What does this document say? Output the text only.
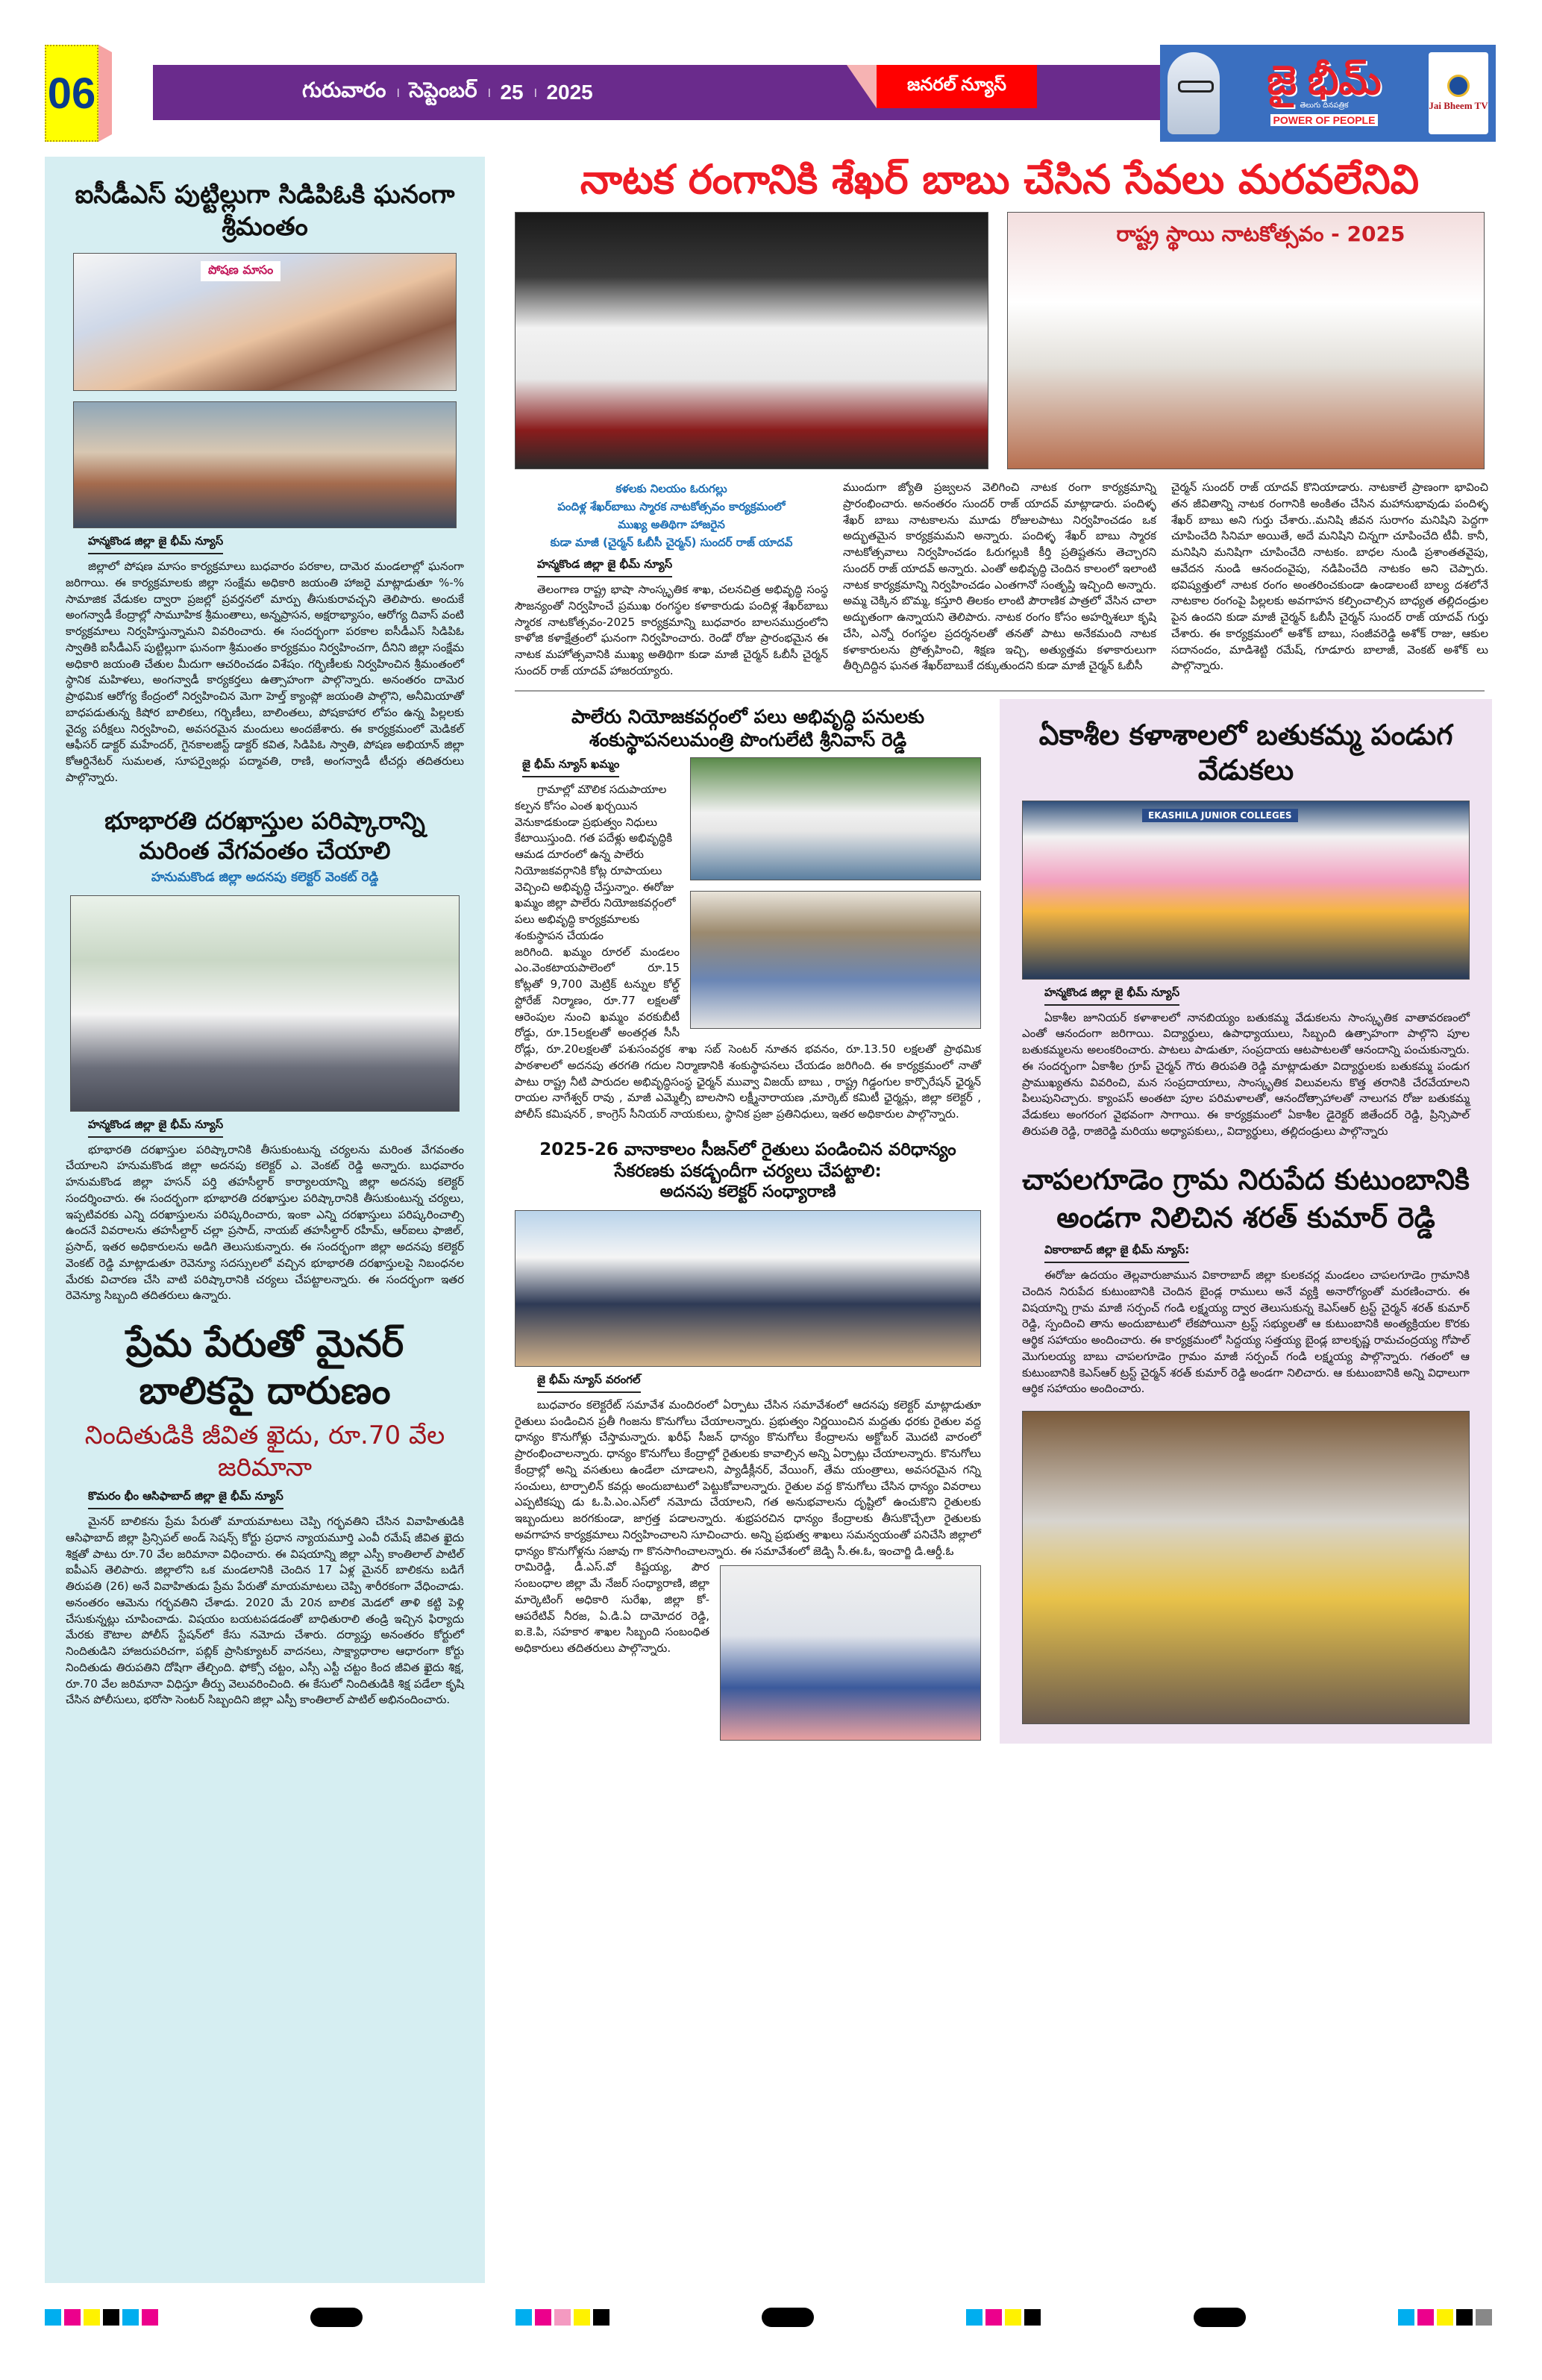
06	గురువారం । సెప్టెంబర్ । 25 । 2025	జనరల్ న్యూస్	జై భీమ్
తెలుగు దినపత్రిక
POWER OF PEOPLE
Jai Bheem TV
ఐసీడీఎస్ పుట్టిల్లుగా సిడిపిఓకి ఘనంగా శ్రీమంతం
పోషణ మాసం
హన్మకొండ జిల్లా జై భీమ్ న్యూస్
జిల్లాలో పోషణ మాసం కార్యక్రమాలు బుధవారం పరకాల, దామెర మండలాల్లో ఘనంగా జరిగాయి. ఈ కార్యక్రమాలకు జిల్లా సంక్షేమ అధికారి జయంతి హాజరై మాట్లాడుతూ %-% సామాజిక వేడుకల ద్వారా ప్రజల్లో ప్రవర్తనలో మార్పు తీసుకురావచ్చని తెలిపారు. అందుకే అంగన్వాడీ కేంద్రాల్లో సామూహిక శ్రీమంతాలు, అన్నప్రాసన, అక్షరాభ్యాసం, ఆరోగ్య దివాస్ వంటి కార్యక్రమాలు నిర్వహిస్తున్నామని వివరించారు. ఈ సందర్భంగా పరకాల ఐసీడీఎస్ సిడిపిఓ స్వాతికి ఐసీడీఎస్ పుట్టిల్లుగా ఘనంగా శ్రీమంతం కార్యక్రమం నిర్వహించగా, దీనిని జిల్లా సంక్షేమ అధికారి జయంతి చేతుల మీదుగా ఆచరించడం విశేషం. గర్భిణీలకు నిర్వహించిన శ్రీమంతంలో స్థానిక మహిళలు, అంగన్వాడీ కార్యకర్తలు ఉత్సాహంగా పాల్గొన్నారు. అనంతరం దామెర ప్రాథమిక ఆరోగ్య కేంద్రంలో నిర్వహించిన మెగా హెల్త్ క్యాంప్లో జయంతి పాల్గొని, అనీమియాతో బాధపడుతున్న కిషోర బాలికలు, గర్భిణీలు, బాలింతలు, పోషకాహార లోపం ఉన్న పిల్లలకు వైద్య పరీక్షలు నిర్వహించి, అవసరమైన మందులు అందజేశారు. ఈ కార్యక్రమంలో మెడికల్ ఆఫీసర్ డాక్టర్ మహేందర్, గైనకాలజిస్ట్ డాక్టర్ కవిత, సిడిపిఓ స్వాతి, పోషణ అభియాన్ జిల్లా కోఆర్డినేటర్ సుమలత, సూపర్వైజర్లు పద్మావతి, రాణి, అంగన్వాడీ టీచర్లు తదితరులు పాల్గొన్నారు.
భూభారతి దరఖాస్తుల పరిష్కారాన్ని మరింత వేగవంతం చేయాలి
హనుమకొండ జిల్లా అదనపు కలెక్టర్ వెంకట్ రెడ్డి
హన్మకొండ జిల్లా జై భీమ్ న్యూస్
భూభారతి దరఖాస్తుల పరిష్కారానికి తీసుకుంటున్న చర్యలను మరింత వేగవంతం చేయాలని హనుమకొండ జిల్లా అదనపు కలెక్టర్ ఎ. వెంకట్ రెడ్డి అన్నారు. బుధవారం హనుమకొండ జిల్లా హసన్ పర్తి తహసీల్దార్ కార్యాలయాన్ని జిల్లా అదనపు కలెక్టర్ సందర్శించారు. ఈ సందర్భంగా భూభారతి దరఖాస్తుల పరిష్కారానికి తీసుకుంటున్న చర్యలు, ఇప్పటివరకు ఎన్ని దరఖాస్తులను పరిష్కరించారు, ఇంకా ఎన్ని దరఖాస్తులు పరిష్కరించాల్సి ఉందనే వివరాలను తహసీల్దార్ చల్లా ప్రసాద్, నాయబ్ తహసీల్దార్ రహీమ్, ఆర్ఐలు ఫాజిల్, ప్రసాద్, ఇతర అధికారులను అడిగి తెలుసుకున్నారు. ఈ సందర్భంగా జిల్లా అదనపు కలెక్టర్ వెంకట్ రెడ్డి మాట్లాడుతూ రెవెన్యూ సదస్సులలో వచ్చిన భూభారతి దరఖాస్తులపై నిబంధనల మేరకు విచారణ చేసి వాటి పరిష్కారానికి చర్యలు చేపట్టాలన్నారు. ఈ సందర్భంగా ఇతర రెవెన్యూ సిబ్బంది తదితరులు ఉన్నారు.
ప్రేమ పేరుతో మైనర్ బాలికపై దారుణం
నిందితుడికి జీవిత ఖైదు, రూ.70 వేల జరిమానా
కొమరం భీం ఆసిఫాబాద్ జిల్లా జై భీమ్ న్యూస్
మైనర్ బాలికను ప్రేమ పేరుతో మాయమాటలు చెప్పి గర్భవతిని చేసిన వివాహితుడికి ఆసిఫాబాద్ జిల్లా ప్రిన్సిపల్ అండ్ సెషన్స్ కోర్టు ప్రధాన న్యాయమూర్తి ఎంవీ రమేష్ జీవిత ఖైదు శిక్షతో పాటు రూ.70 వేల జరిమానా విధించారు. ఈ విషయాన్ని జిల్లా ఎస్పీ కాంతిలాల్ పాటిల్ ఐపీఎస్ తెలిపారు. జిల్లాలోని ఒక మండలానికి చెందిన 17 ఏళ్ల మైనర్ బాలికను బడిగే తిరుపతి (26) అనే వివాహితుడు ప్రేమ పేరుతో మాయమాటలు చెప్పి శారీరకంగా వేధించాడు. అనంతరం ఆమెను గర్భవతిని చేశాడు. 2020 మే 20న బాలిక మెడలో తాళి కట్టి పెళ్లి చేసుకున్నట్లు చూపించాడు. విషయం బయటపడడంతో బాధితురాలి తండ్రి ఇచ్చిన ఫిర్యాదు మేరకు కౌటాల పోలీస్ స్టేషన్‌లో కేసు నమోదు చేశారు. దర్యాప్తు అనంతరం కోర్టులో నిందితుడిని హాజరుపరిచగా, పబ్లిక్ ప్రాసిక్యూటర్ వాదనలు, సాక్ష్యాధారాల ఆధారంగా కోర్టు నిందితుడు తిరుపతిని దోషిగా తేల్చింది. ఫోక్సో చట్టం, ఎస్సీ ఎస్టీ చట్టం కింద జీవిత ఖైదు శిక్ష, రూ.70 వేల జరిమానా విధిస్తూ తీర్పు వెలువరించింది. ఈ కేసులో నిందితుడికి శిక్ష పడేలా కృషి చేసిన పోలీసులు, భరోసా సెంటర్ సిబ్బందిని జిల్లా ఎస్పీ కాంతిలాల్ పాటిల్ అభినందించారు.
నాటక రంగానికి శేఖర్ బాబు చేసిన సేవలు మరవలేనివి
రాష్ట్ర స్థాయి నాటకోత్సవం - 2025
కళలకు నిలయం ఓరుగల్లు
పందిళ్ల శేఖర్‌బాబు స్మారక నాటకోత్సవం కార్యక్రమంలో
ముఖ్య అతిథిగా హాజరైన
కుడా మాజీ (చైర్మన్ ఓబీసీ చైర్మన్) సుందర్ రాజ్ యాదవ్
హన్మకొండ జిల్లా జై భీమ్ న్యూస్
తెలంగాణ రాష్ట్ర భాషా సాంస్కృతిక శాఖ, చలనచిత్ర అభివృద్ధి సంస్థ సౌజన్యంతో నిర్వహించే ప్రముఖ రంగస్థల కళాకారుడు పందిళ్ల శేఖర్‌బాబు స్మారక నాటకోత్సవం-2025 కార్యక్రమాన్ని బుధవారం బాలసముద్రంలోని కాళోజి కళాక్షేత్రంలో ఘనంగా నిర్వహించారు. రెండో రోజు ప్రారంభమైన ఈ నాటక మహోత్సవానికి ముఖ్య అతిథిగా కుడా మాజీ చైర్మన్ ఓబీసీ చైర్మన్ సుందర్ రాజ్ యాదవ్ హాజరయ్యారు.
ముందుగా జ్యోతి ప్రజ్వలన వెలిగించి నాటక రంగా కార్యక్రమాన్ని ప్రారంభించారు. అనంతరం సుందర్ రాజ్ యాదవ్ మాట్లాడారు. పందిళ్ళ శేఖర్ బాబు నాటకాలను మూడు రోజులపాటు నిర్వహించడం ఒక అద్భుతమైన కార్యక్రమమని అన్నారు. పందిళ్ళ శేఖర్ బాబు స్మారక నాటకోత్సవాలు నిర్వహించడం ఓరుగల్లుకి కీర్తి ప్రతిష్టతను తెచ్చారని సుందర్ రాజ్ యాదవ్ అన్నారు. ఎంతో అభివృద్ధి చెందిన కాలంలో ఇలాంటి నాటక కార్యక్రమాన్ని నిర్వహించడం ఎంతగానో సంతృప్తి ఇచ్చింది అన్నారు. అమ్మ చెక్కిన బొమ్మ, కస్తూరి తిలకం లాంటి పౌరాణిక పాత్రలో వేసిన చాలా అద్భుతంగా ఉన్నాయని తెలిపారు. నాటక రంగం కోసం అహర్నిశలూ కృషి చేసి, ఎన్నో రంగస్థల ప్రదర్శనలతో తనతో పాటు అనేకమంది నాటక కళాకారులను ప్రోత్సహించి, శిక్షణ ఇచ్చి, అత్యుత్తమ కళాకారులుగా తీర్చిదిద్దిన ఘనత శేఖర్‌బాబుకే దక్కుతుందని కుడా మాజీ చైర్మన్ ఓబీసీ
చైర్మన్ సుందర్ రాజ్ యాదవ్ కొనియాడారు. నాటకాలే ప్రాణంగా భావించి తన జీవితాన్ని నాటక రంగానికి అంకితం చేసిన మహానుభావుడు పందిళ్ళ శేఖర్ బాబు అని గుర్తు చేశారు..మనిషి జీవన సురాగం మనిషిని పెద్దగా చూపించేది సినిమా అయితే, అదే మనిషిని చిన్నగా చూపించేది టీవీ. కానీ, మనిషిని మనిషిగా చూపించేది నాటకం. బాధల నుండి ప్రశాంతతవైపు, ఆవేదన నుండి ఆనందంవైపు, నడిపించేది నాటకం అని చెప్పారు. భవిష్యత్తులో నాటక రంగం అంతరించకుండా ఉండాలంటే బాల్య దశలోనే నాటకాల రంగంపై పిల్లలకు అవగాహన కల్పించాల్సిన బాధ్యత తల్లిదండ్రుల పైన ఉందని కుడా మాజీ చైర్మన్ ఓబీసీ చైర్మన్ సుందర్ రాజ్ యాదవ్ గుర్తు చేశారు. ఈ కార్యక్రమంలో అశోక్ బాబు, సంజీవరెడ్డి అశోక్ రాజు, ఆకుల సదానందం, మాడిశెట్టి రమేష్, గూడూరు బాలాజీ, వెంకట్ అశోక్ లు పాల్గొన్నారు.
పాలేరు నియోజకవర్గంలో పలు అభివృద్ధి పనులకు శంకుస్థాపనలుమంత్రి పొంగులేటి శ్రీనివాస్ రెడ్డి
జై భీమ్ న్యూస్ ఖమ్మం
గ్రామాల్లో మౌలిక సదుపాయాల కల్పన కోసం ఎంత ఖర్చయిన వెనుకాడకుండా ప్రభుత్వం నిధులు కేటాయిస్తుంది. గత పదేళ్లు అభివృద్ధికి ఆమడ దూరంలో ఉన్న పాలేరు నియోజకవర్గానికి కోట్ల రూపాయలు వెచ్చించి అభివృద్ధి చేస్తున్నాం. ఈరోజు ఖమ్మం జిల్లా పాలేరు నియోజకవర్గంలో పలు అభివృద్ధి కార్యక్రమాలకు శంకుస్థాపన చేయడం
జరిగింది. ఖమ్మం రూరల్ మండలం ఎం.వెంకటాయపాలెంలో రూ.15 కోట్లతో 9,700 మెట్రిక్ టన్నుల కోల్డ్ స్టోరేజ్ నిర్మాణం, రూ.77 లక్షలతో ఆరెంపుల నుంచి ఖమ్మం వరకుబీటీ రోడ్డు, రూ.15లక్షలతో అంతర్గత సీసీ రోడ్లు, రూ.20లక్షలతో పశుసంవర్ధక శాఖ సబ్ సెంటర్ నూతన భవనం, రూ.13.50 లక్షలతో ప్రాథమిక పాఠశాలలో అదనపు తరగతి గదుల నిర్మాణానికి శంకుస్థాపనలు చేయడం జరిగింది. ఈ కార్యక్రమంలో నాతో పాటు రాష్ట్ర నీటి పారుదల అభివృద్ధిసంస్థ ఛైర్మన్ మువ్వా విజయ్ బాబు , రాష్ట్ర గిడ్డంగుల కార్పొరేషన్ ఛైర్మన్ రాయల నాగేశ్వర్ రావు , మాజీ ఎమ్మెల్సీ బాలసాని లక్ష్మీనారాయణ ,మార్కెట్ కమిటీ ఛైర్మన్లు, జిల్లా కలెక్టర్ , పోలీస్ కమిషనర్ , కాంగ్రెస్ సీనియర్ నాయకులు, స్థానిక ప్రజా ప్రతినిధులు, ఇతర అధికారుల పాల్గొన్నారు.
2025-26 వానాకాలం సీజన్‌లో రైతులు పండించిన వరిధాన్యం సేకరణకు పకడ్బందీగా చర్యలు చేపట్టాలి:
అదనపు కలెక్టర్ సంధ్యారాణి
జై భీమ్ న్యూస్ వరంగల్
బుధవారం కలెక్టరేట్ సమావేశ మందిరంలో ఏర్పాటు చేసిన సమావేశంలో ఆదనపు కలెక్టర్ మాట్లాడుతూ రైతులు పండించిన ప్రతీ గింజను కొనుగోలు చేయాలన్నారు. ప్రభుత్వం నిర్ణయించిన మద్దతు ధరకు రైతుల వద్ద ధాన్యం కొనుగోళ్లు చేస్తామన్నారు. ఖరీఫ్ సీజన్ ధాన్యం కొనుగోలు కేంద్రాలను అక్టోబర్ మొదటి వారంలో ప్రారంభించాలన్నారు. ధాన్యం కొనుగోలు కేంద్రాల్లో రైతులకు కావాల్సిన అన్ని ఏర్పాట్లు చేయాలన్నారు. కొనుగోలు కేంద్రాల్లో అన్ని వసతులు ఉండేలా చూడాలని, ప్యాడీక్లీనర్, వేయింగ్, తేమ యంత్రాలు, అవసరమైన గన్ని సంచులు, టార్పాలిన్ కవర్లు అందుబాటులో పెట్టుకోవాలన్నారు. రైతుల వద్ద కొనుగోలు చేసిన ధాన్యం వివరాలు ఎప్పటికప్పు డు ఓ.పి.ఎం.ఎస్‌లో నమోదు చేయాలని, గత అనుభవాలను దృష్టిలో ఉంచుకొని రైతులకు ఇబ్బందులు జరగకుండా, జాగ్రత్త పడాలన్నారు. శుభ్రపరచిన ధాన్యం కేంద్రాలకు తీసుకొచ్చేలా రైతులకు అవగాహన కార్యక్రమాలు నిర్వహించాలని సూచించారు. అన్ని ప్రభుత్వ శాఖలు సమన్వయంతో పనిచేసి జిల్లాలో ధాన్యం కొనుగోళ్లను సజావు గా కొనసాగించాలన్నారు. ఈ సమావేశంలో జెడ్పి సీ.ఈ.ఓ, ఇంచార్జి డి.ఆర్డీ.ఓ
రామిరెడ్డి, డీ.ఎస్.వో కిష్టయ్య, పౌర సంబంధాల జిల్లా మే నేజర్ సంధ్యారాణి, జిల్లా మార్కెటింగ్ అధికారి సురేఖ, జిల్లా కో-ఆపరేటివ్ నీరజ, ఏ.డి.ఏ దామోదర రెడ్డి, ఐ.కె.పి, సహకార శాఖల సిబ్బంది సంబంధిత అధికారులు తదితరులు పాల్గొన్నారు.
ఏకాశీల కళాశాలలో బతుకమ్మ పండుగ వేడుకలు
EKASHILA JUNIOR COLLEGES
హన్మకొండ జిల్లా జై భీమ్ న్యూస్
ఏకాశీల జూనియర్ కళాశాలలో నానబియ్యం బతుకమ్మ వేడుకలను సాంస్కృతిక వాతావరణంలో ఎంతో ఆనందంగా జరిగాయి. విద్యార్థులు, ఉపాధ్యాయులు, సిబ్బంది ఉత్సాహంగా పాల్గొని పూల బతుకమ్మలను అలంకరించారు. పాటలు పాడుతూ, సంప్రదాయ ఆటపాటలతో ఆనందాన్ని పంచుకున్నారు. ఈ సందర్భంగా ఏకాశీల గ్రూప్ చైర్మన్ గౌరు తిరుపతి రెడ్డి మాట్లాడుతూ విద్యార్థులకు బతుకమ్మ పండుగ ప్రాముఖ్యతను వివరించి, మన సంప్రదాయాలు, సాంస్కృతిక విలువలను కొత్త తరానికి చేరవేయాలని పిలుపునిచ్చారు. క్యాంపస్ అంతటా పూల పరిమళాలతో, ఆనందోత్సాహాలతో నాలుగవ రోజు బతుకమ్మ వేడుకలు అంగరంగ వైభవంగా సాగాయి. ఈ కార్యక్రమంలో ఏకాశీల డైరెక్టర్ జితేందర్ రెడ్డి, ప్రిన్సిపాల్ తిరుపతి రెడ్డి, రాజిరెడ్డి మరియు అధ్యాపకులు,, విద్యార్థులు, తల్లిదండ్రులు పాల్గొన్నారు
చాపలగూడెం గ్రామ నిరుపేద కుటుంబానికి అండగా నిలిచిన శరత్ కుమార్ రెడ్డి
వికారాబాద్ జిల్లా జై భీమ్ న్యూస్:
ఈరోజు ఉదయం తెల్లవారుజామున వికారాబాద్ జిల్లా కులకచర్ల మండలం చాపలగూడెం గ్రామానికి చెందిన నిరుపేద కుటుంబానికి చెందిన బైండ్ల రాములు అనే వ్యక్తి అనారోగ్యంతో మరణించారు. ఈ విషయాన్ని గ్రామ మాజీ సర్పంచ్ గండి లక్ష్మయ్య ద్వార తెలుసుకున్న కెఎస్ఆర్ ట్రస్ట్ చైర్మన్ శరత్ కుమార్ రెడ్డి, స్పందించి తాను అందుబాటులో లేకపోయినా ట్రస్ట్ సభ్యులతో ఆ కుటుంబానికి అంత్యక్రియల కొరకు ఆర్థిక సహాయం అందించారు. ఈ కార్యక్రమంలో సిద్దయ్య సత్తయ్య బైండ్ల బాలకృష్ణ రామచంద్రయ్య గోపాల్ మొగులయ్య బాబు చాపలగూడెం గ్రామం మాజీ సర్పంచ్ గండి లక్ష్మయ్య పాల్గొన్నారు. గతంలో ఆ కుటుంబానికి కెఎస్ఆర్ ట్రస్ట్ చైర్మన్ శరత్ కుమార్ రెడ్డి అండగా నిలిచారు. ఆ కుటుంబానికి అన్ని విధాలుగా ఆర్థిక సహాయం అందించారు.
